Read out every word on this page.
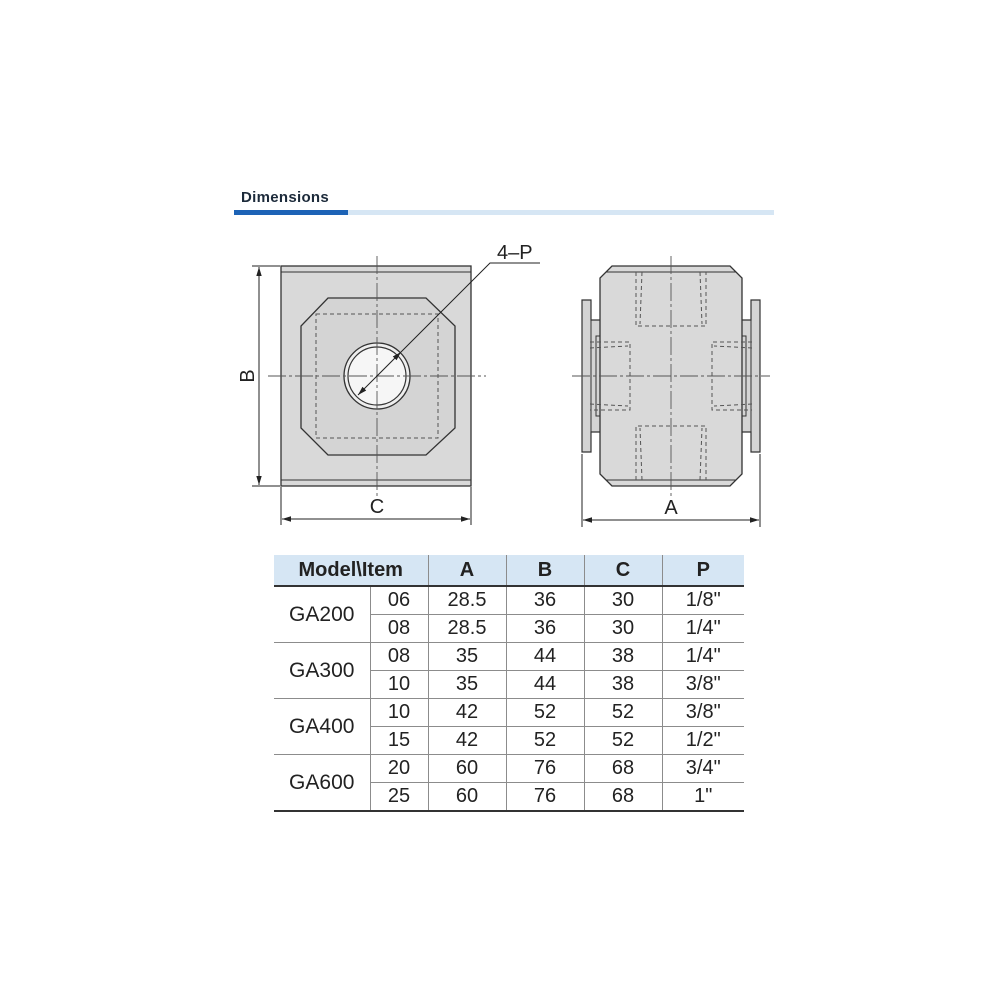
Dimensions
4–P
B
C	A
Model\Item		A	B	C	P
GA200	06	28.5	36	30	1/8"
	08	28.5	36	30	1/4"
GA300	08	35	44	38	1/4"
	10	35	44	38	3/8"
GA400	10	42	52	52	3/8"
	15	42	52	52	1/2"
GA600	20	60	76	68	3/4"
	25	60	76	68	1"
